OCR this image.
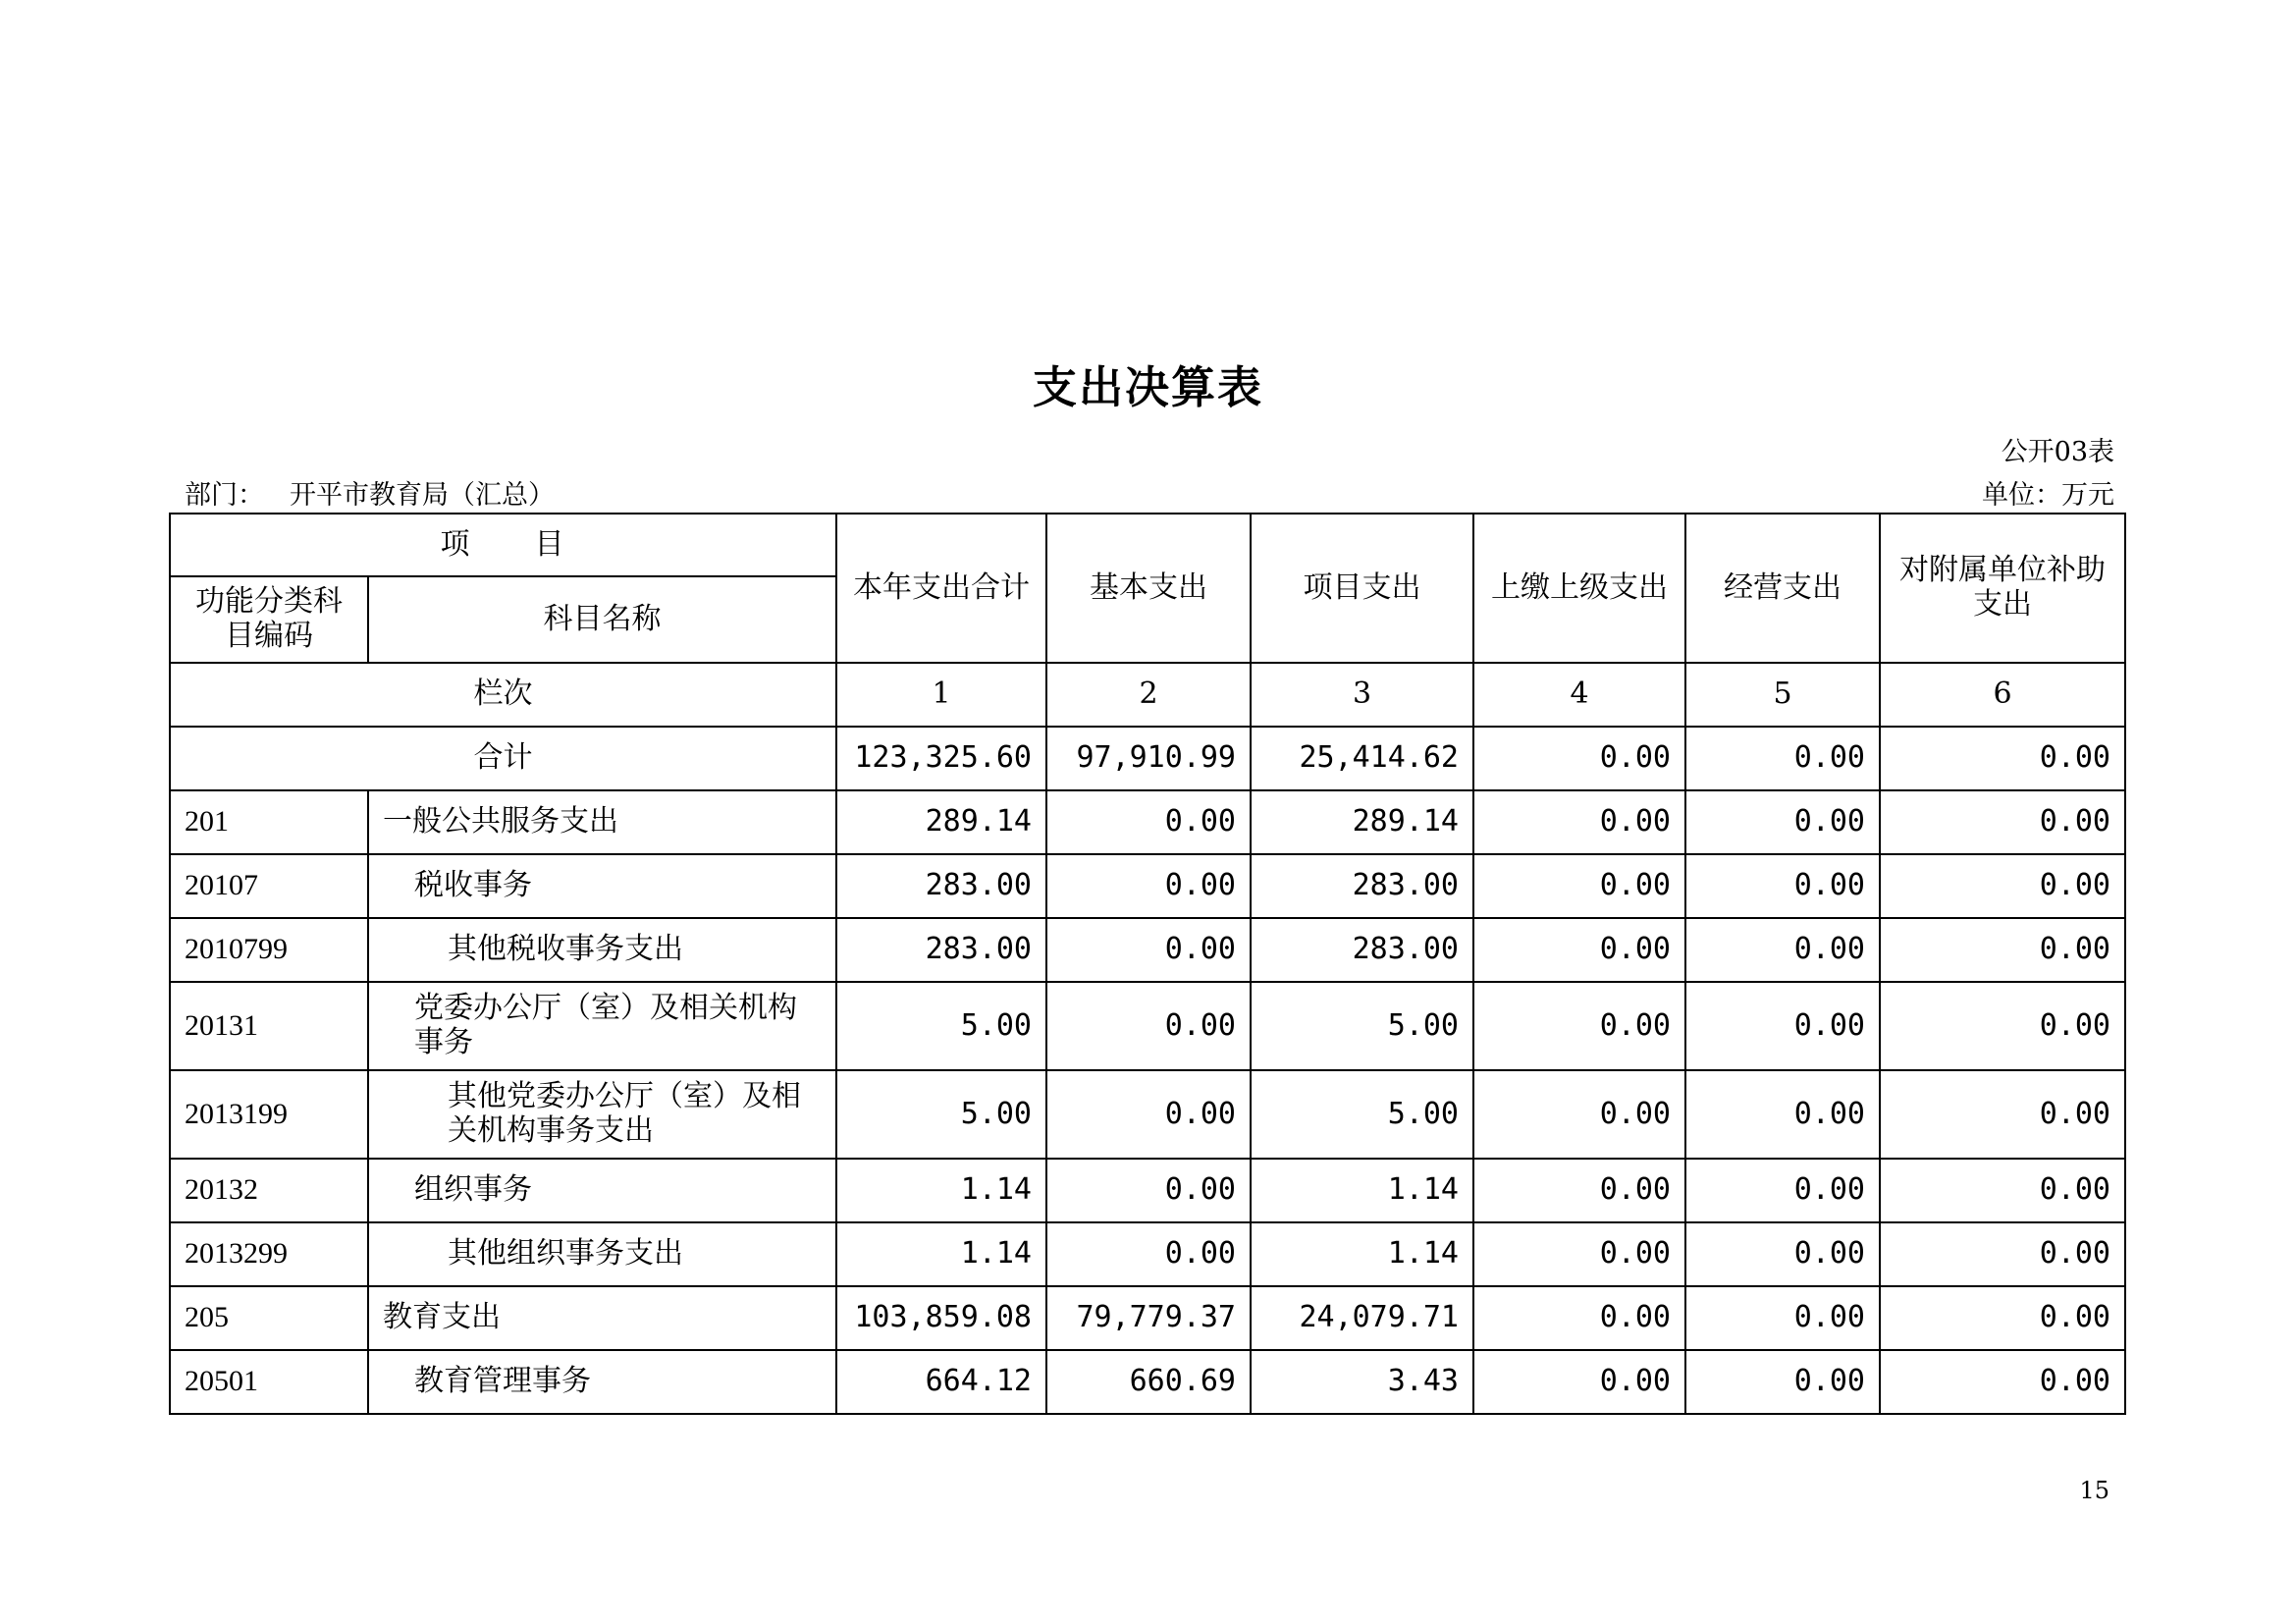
支出决算表
公开03表
部门： 开平市教育局（汇总）	单位：万元
项　　目		本年支出合计	基本支出	项目支出	上缴上级支出	经营支出	对附属单位补助支出
功能分类科目编码	科目名称						
栏次		1	2	3	4	5	6
合计		123,325.60	97,910.99	25,414.62	0.00	0.00	0.00
201	一般公共服务支出	289.14	0.00	289.14	0.00	0.00	0.00
20107	税收事务	283.00	0.00	283.00	0.00	0.00	0.00
2010799	其他税收事务支出	283.00	0.00	283.00	0.00	0.00	0.00
20131	党委办公厅（室）及相关机构事务	5.00	0.00	5.00	0.00	0.00	0.00
2013199	其他党委办公厅（室）及相关机构事务支出	5.00	0.00	5.00	0.00	0.00	0.00
20132	组织事务	1.14	0.00	1.14	0.00	0.00	0.00
2013299	其他组织事务支出	1.14	0.00	1.14	0.00	0.00	0.00
205	教育支出	103,859.08	79,779.37	24,079.71	0.00	0.00	0.00
20501	教育管理事务	664.12	660.69	3.43	0.00	0.00	0.00
15
